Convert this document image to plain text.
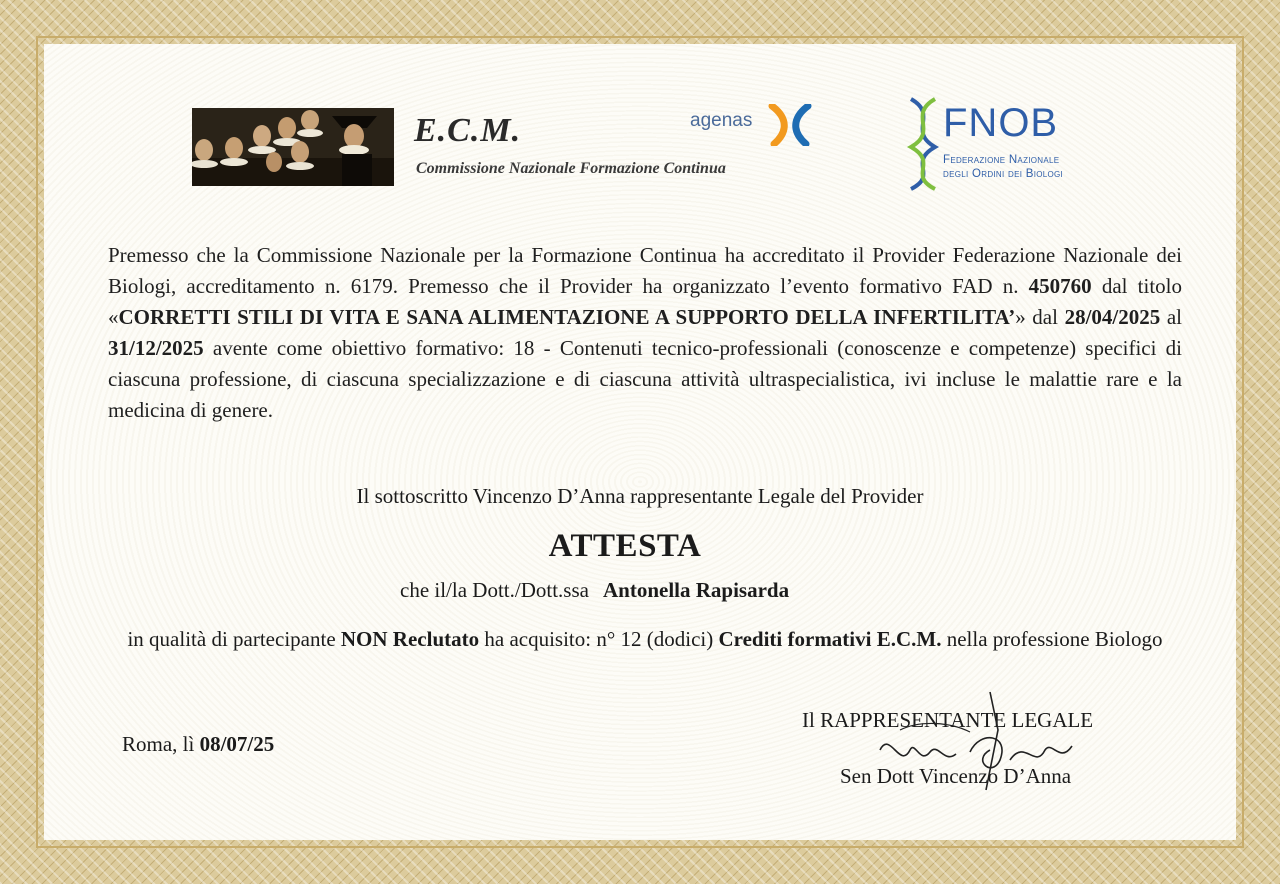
E.C.M.
Commissione Nazionale Formazione Continua
agenas	FNOB
Federazione Nazionale
degli Ordini dei Biologi
Premesso che la Commissione Nazionale per la Formazione Continua ha accreditato il Provider Federazione Nazionale dei Biologi, accreditamento n. 6179. Premesso che il Provider ha organizzato l’evento formativo FAD n. 450760 dal titolo «CORRETTI STILI DI VITA E SANA ALIMENTAZIONE A SUPPORTO DELLA INFERTILITA’» dal 28/04/2025 al 31/12/2025 avente come obiettivo formativo: 18 - Contenuti tecnico-professionali (conoscenze e competenze) specifici di ciascuna professione, di ciascuna specializzazione e di ciascuna attività ultraspecialistica, ivi incluse le malattie rare e la medicina di genere.
Il sottoscritto Vincenzo D’Anna rappresentante Legale del Provider
ATTESTA
che il/la Dott./Dott.ssa Antonella Rapisarda
in qualità di partecipante NON Reclutato ha acquisito: n° 12 (dodici) Crediti formativi E.C.M. nella professione Biologo
Roma, lì 08/07/25
Il RAPPRESENTANTE LEGALE
Sen Dott Vincenzo D’Anna
